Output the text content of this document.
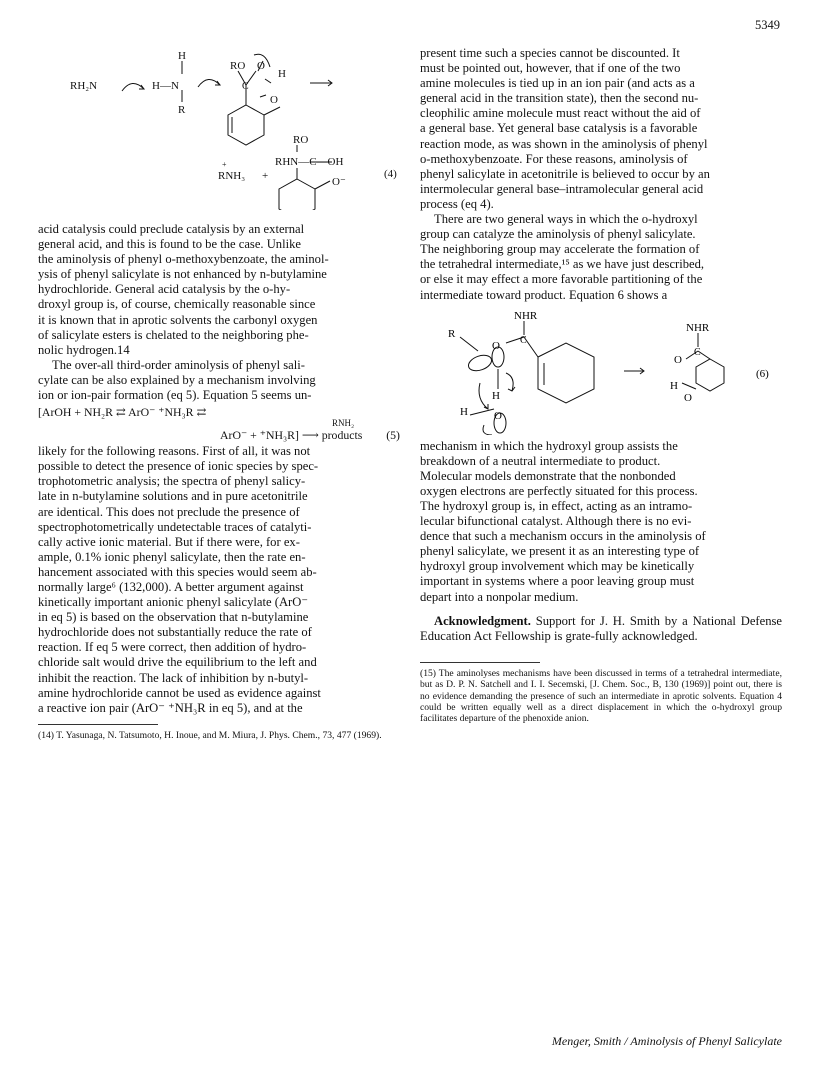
5349
RH₂N
H
H—N
R
RO O
C
H
O
RO
+
RNH₃ +
RHN—C—OH
O⁻
(4)
acid catalysis could preclude catalysis by an external
general acid, and this is found to be the case. Unlike
the aminolysis of phenyl o-methoxybenzoate, the aminol-
ysis of phenyl salicylate is not enhanced by n-butylamine
hydrochloride. General acid catalysis by the o-hy-
droxyl group is, of course, chemically reasonable since
it is known that in aprotic solvents the carbonyl oxygen
of salicylate esters is chelated to the neighboring phe-
nolic hydrogen.14
The over-all third-order aminolysis of phenyl sali-
cylate can be also explained by a mechanism involving
ion or ion-pair formation (eq 5). Equation 5 seems un-
[ArOH + NH₂R ⇄ ArO⁻ ⁺NH₃R ⇄
RNH₂
ArO⁻ + ⁺NH₃R] ⟶ products (5)
likely for the following reasons. First of all, it was not
possible to detect the presence of ionic species by spec-
trophotometric analysis; the spectra of phenyl salicy-
late in n-butylamine solutions and in pure acetonitrile
are identical. This does not preclude the presence of
spectrophotometrically undetectable traces of catalyti-
cally active ionic material. But if there were, for ex-
ample, 0.1% ionic phenyl salicylate, then the rate en-
hancement associated with this species would seem ab-
normally large⁶ (132,000). A better argument against
kinetically important anionic phenyl salicylate (ArO⁻
in eq 5) is based on the observation that n-butylamine
hydrochloride does not substantially reduce the rate of
reaction. If eq 5 were correct, then addition of hydro-
chloride salt would drive the equilibrium to the left and
inhibit the reaction. The lack of inhibition by n-butyl-
amine hydrochloride cannot be used as evidence against
a reactive ion pair (ArO⁻ ⁺NH₃R in eq 5), and at the

(14) T. Yasunaga, N. Tatsumoto, H. Inoue, and M. Miura, J. Phys. Chem., 73, 477 (1969).

present time such a species cannot be discounted. It
must be pointed out, however, that if one of the two
amine molecules is tied up in an ion pair (and acts as a
general acid in the transition state), then the second nu-
cleophilic amine molecule must react without the aid of
a general base. Yet general base catalysis is a favorable
reaction mode, as was shown in the aminolysis of phenyl
o-methoxybenzoate. For these reasons, aminolysis of
phenyl salicylate in acetonitrile is believed to occur by an
intermolecular general base–intramolecular general acid
process (eq 4).
There are two general ways in which the o-hydroxyl
group can catalyze the aminolysis of phenyl salicylate.
The neighboring group may accelerate the formation of
the tetrahedral intermediate,¹⁵ as we have just described,
or else it may effect a more favorable partitioning of the
intermediate toward product. Equation 6 shows a
NHR
R
C
O
H
O
H
NHR
O
C
H
O
(6)
mechanism in which the hydroxyl group assists the
breakdown of a neutral intermediate to product.
Molecular models demonstrate that the nonbonded
oxygen electrons are perfectly situated for this process.
The hydroxyl group is, in effect, acting as an intramo-
lecular bifunctional catalyst. Although there is no evi-
dence that such a mechanism occurs in the aminolysis of
phenyl salicylate, we present it as an interesting type of
hydroxyl group involvement which may be kinetically
important in systems where a poor leaving group must
depart into a nonpolar medium.

Acknowledgment. Support for J. H. Smith by a National Defense Education Act Fellowship is grate-fully acknowledged.

(15) The aminolyses mechanisms have been discussed in terms of a tetrahedral intermediate, but as D. P. N. Satchell and I. I. Secemski, [J. Chem. Soc., B, 130 (1969)] point out, there is no evidence demanding the presence of such an intermediate in aprotic solvents. Equation 4 could be written equally well as a direct displacement in which the o-hydroxyl group facilitates departure of the phenoxide anion.

Menger, Smith / Aminolysis of Phenyl Salicylate
